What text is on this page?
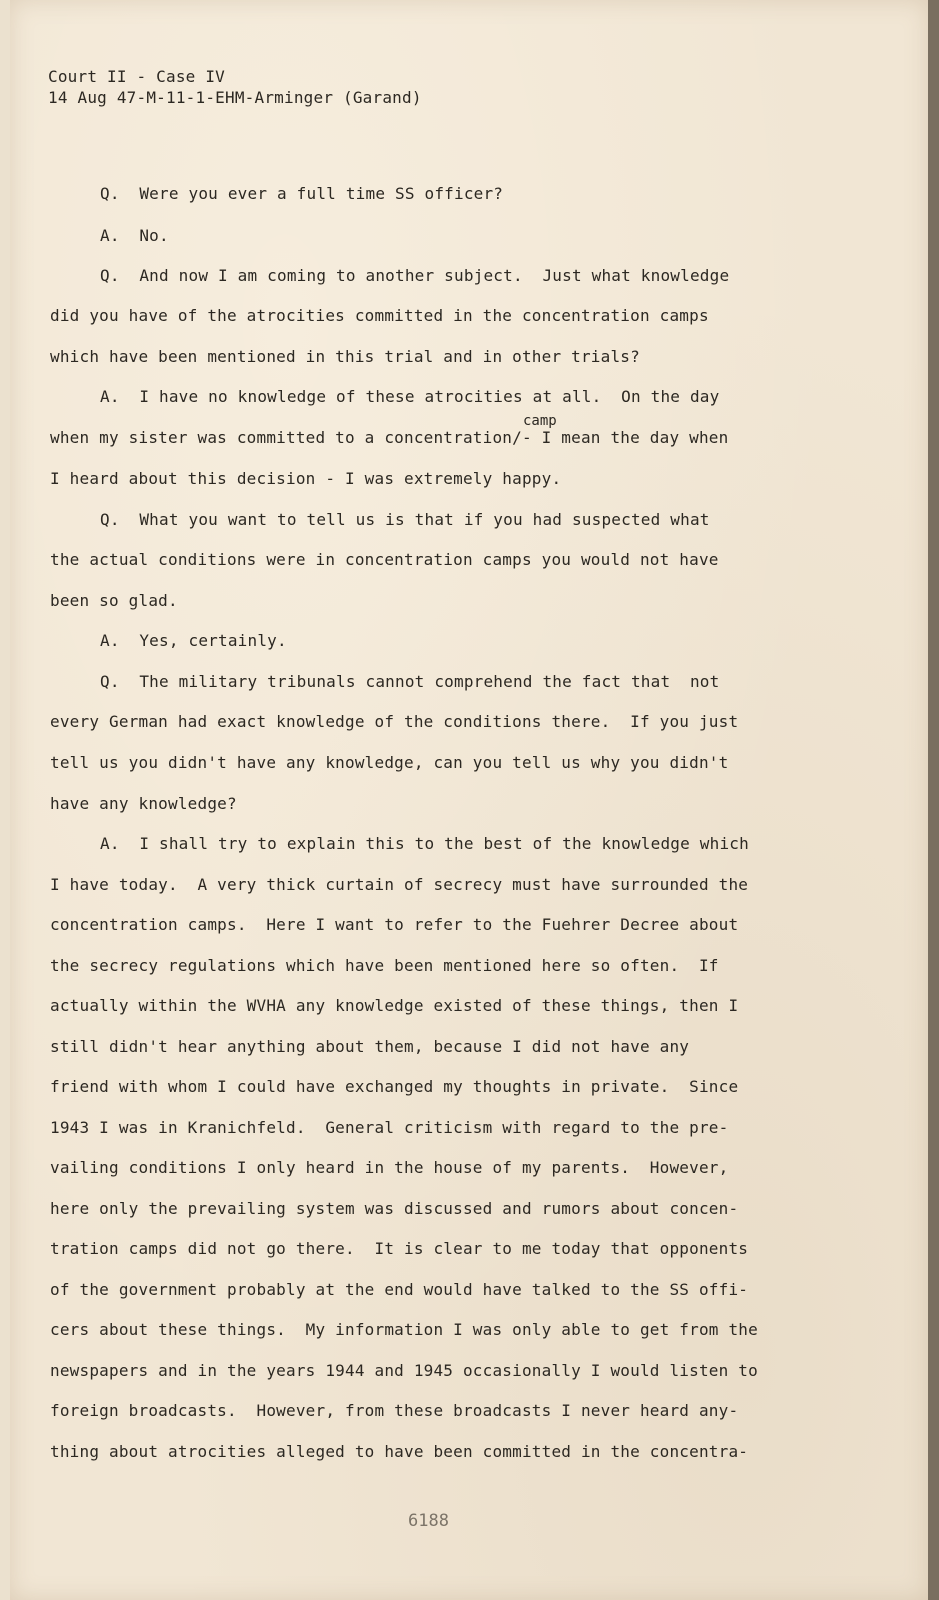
Court II - Case IV
14 Aug 47-M-11-1-EHM-Arminger (Garand)

Q.  Were you ever a full time SS officer?

A.  No.

Q.  And now I am coming to another subject.  Just what knowledge

did you have of the atrocities committed in the concentration camps

which have been mentioned in this trial and in other trials?

A.  I have no knowledge of these atrocities at all.  On the day

camp

when my sister was committed to a concentration/- I mean the day when

I heard about this decision - I was extremely happy.

Q.  What you want to tell us is that if you had suspected what

the actual conditions were in concentration camps you would not have

been so glad.

A.  Yes, certainly.

Q.  The military tribunals cannot comprehend the fact that  not

every German had exact knowledge of the conditions there.  If you just

tell us you didn't have any knowledge, can you tell us why you didn't

have any knowledge?

A.  I shall try to explain this to the best of the knowledge which

I have today.  A very thick curtain of secrecy must have surrounded the

concentration camps.  Here I want to refer to the Fuehrer Decree about

the secrecy regulations which have been mentioned here so often.  If

actually within the WVHA any knowledge existed of these things, then I

still didn't hear anything about them, because I did not have any

friend with whom I could have exchanged my thoughts in private.  Since

1943 I was in Kranichfeld.  General criticism with regard to the pre-

vailing conditions I only heard in the house of my parents.  However,

here only the prevailing system was discussed and rumors about concen-

tration camps did not go there.  It is clear to me today that opponents

of the government probably at the end would have talked to the SS offi-

cers about these things.  My information I was only able to get from the

newspapers and in the years 1944 and 1945 occasionally I would listen to

foreign broadcasts.  However, from these broadcasts I never heard any-

thing about atrocities alleged to have been committed in the concentra-

6188
